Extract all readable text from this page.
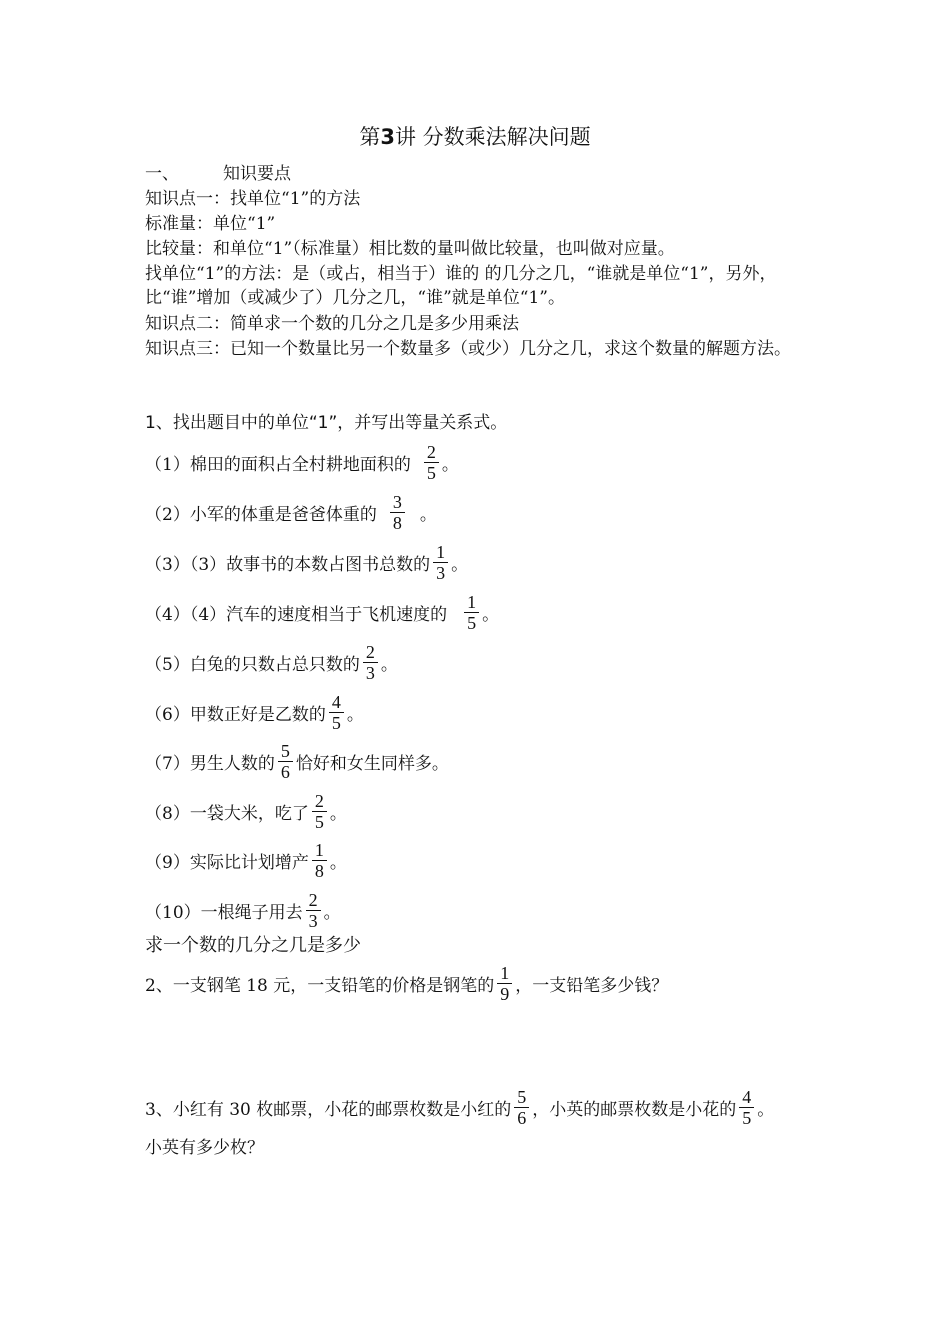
第3讲 分数乘法解决问题
一、	知识要点
知识点一：找单位“1”的方法
标准量：单位“1”
比较量：和单位“1”（标准量）相比数的量叫做比较量，也叫做对应量。
找单位“1”的方法：是（或占，相当于）谁的 的几分之几，“谁就是单位“1”，另外，比“谁”增加（或减少了）几分之几，“谁”就是单位“1”。
知识点二：简单求一个数的几分之几是多少用乘法
知识点三：已知一个数量比另一个数量多（或少）几分之几，求这个数量的解题方法。
1、找出题目中的单位“1”，并写出等量关系式。
（1）棉田的面积占全村耕地面积的 $\frac{2}{5}$ 。
（2）小军的体重是爸爸体重的 $\frac{3}{8}$ 。
（3）（3）故事书的本数占图书总数的 $\frac{1}{3}$ 。
（4）（4）汽车的速度相当于飞机速度的 $\frac{1}{5}$ 。
（5）白兔的只数占总只数的 $\frac{2}{3}$ 。
（6）甲数正好是乙数的 $\frac{4}{5}$ 。
（7）男生人数的 $\frac{5}{6}$ 恰好和女生同样多。
（8）一袋大米，吃了 $\frac{2}{5}$ 。
（9）实际比计划增产 $\frac{1}{8}$ 。
（10）一根绳子用去 $\frac{2}{3}$ 。
求一个数的几分之几是多少
2、一支钢笔 18 元，一支铅笔的价格是钢笔的 $\frac{1}{9}$ ，一支铅笔多少钱？
3、小红有 30 枚邮票，小花的邮票枚数是小红的 $\frac{5}{6}$ ，小英的邮票枚数是小花的 $\frac{4}{5}$ 。
小英有多少枚？
